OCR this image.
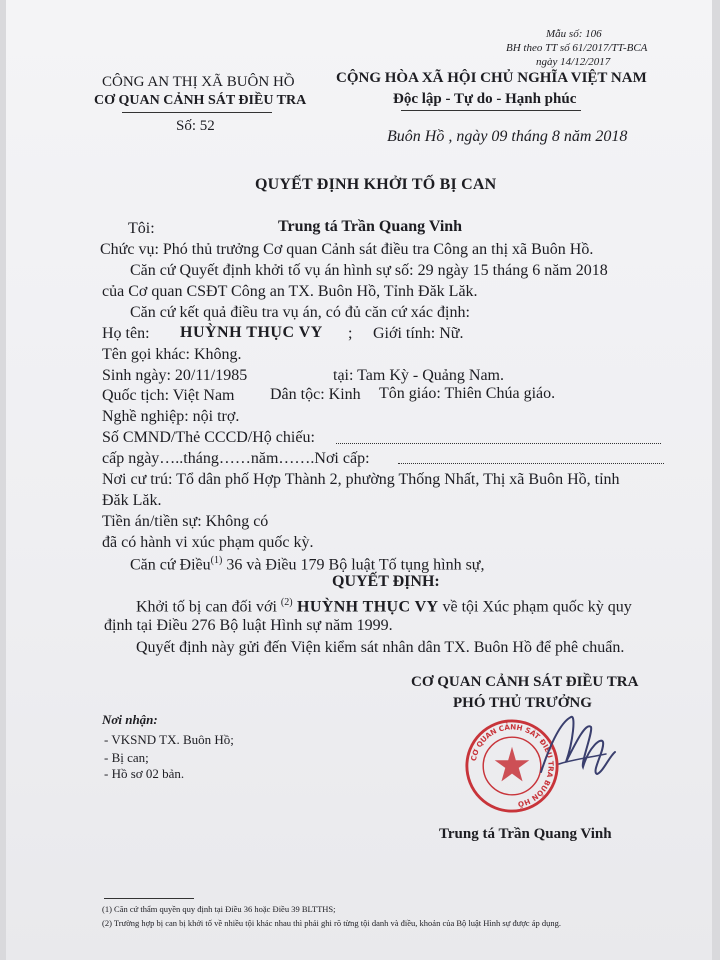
Mẫu số: 106
BH theo TT số 61/2017/TT-BCA
ngày 14/12/2017
CÔNG AN THỊ XÃ BUÔN HỒ
CƠ QUAN CẢNH SÁT ĐIỀU TRA
Số: 52
CỘNG HÒA XÃ HỘI CHỦ NGHĨA VIỆT NAM
Độc lập - Tự do - Hạnh phúc
Buôn Hồ , ngày 09 tháng 8 năm 2018
QUYẾT ĐỊNH KHỞI TỐ BỊ CAN
Tôi:	Trung tá Trần Quang Vinh
Chức vụ: Phó thủ trưởng Cơ quan Cảnh sát điều tra Công an thị xã Buôn Hồ.
Căn cứ Quyết định khởi tố vụ án hình sự số: 29 ngày 15 tháng 6 năm 2018
của Cơ quan CSĐT Công an TX. Buôn Hồ, Tỉnh Đăk Lăk.
Căn cứ kết quả điều tra vụ án, có đủ căn cứ xác định:
Họ tên: HUỲNH THỤC VY ; Giới tính: Nữ.
Tên gọi khác: Không.
Sinh ngày: 20/11/1985	tại: Tam Kỳ - Quảng Nam.
Quốc tịch: Việt Nam Dân tộc: Kinh Tôn giáo: Thiên Chúa giáo.
Nghề nghiệp: nội trợ.
Số CMND/Thẻ CCCD/Hộ chiếu:
cấp ngày…..tháng……năm…….Nơi cấp:
Nơi cư trú: Tổ dân phố Hợp Thành 2, phường Thống Nhất, Thị xã Buôn Hồ, tỉnh
Đăk Lăk.
Tiền án/tiền sự: Không có
đã có hành vi xúc phạm quốc kỳ.
Căn cứ Điều$^{(1)}$ 36 và Điều 179 Bộ luật Tố tụng hình sự,
QUYẾT ĐỊNH:
Khởi tố bị can đối với $^{(2)}$ HUỲNH THỤC VY về tội Xúc phạm quốc kỳ quy
định tại Điều 276 Bộ luật Hình sự năm 1999.
Quyết định này gửi đến Viện kiểm sát nhân dân TX. Buôn Hồ để phê chuẩn.
CƠ QUAN CẢNH SÁT ĐIỀU TRA
PHÓ THỦ TRƯỞNG
CƠ QUAN CẢNH SÁT ĐIỀU TRA BUÔN HỒ
Trung tá Trần Quang Vinh
Nơi nhận:
- VKSND TX. Buôn Hồ;
- Bị can;
- Hồ sơ 02 bản.
(1) Căn cứ thẩm quyền quy định tại Điều 36 hoặc Điều 39 BLTTHS;
(2) Trường hợp bị can bị khởi tố về nhiều tội khác nhau thì phải ghi rõ từng tội danh và điều, khoản của Bộ luật Hình sự được áp dụng.
